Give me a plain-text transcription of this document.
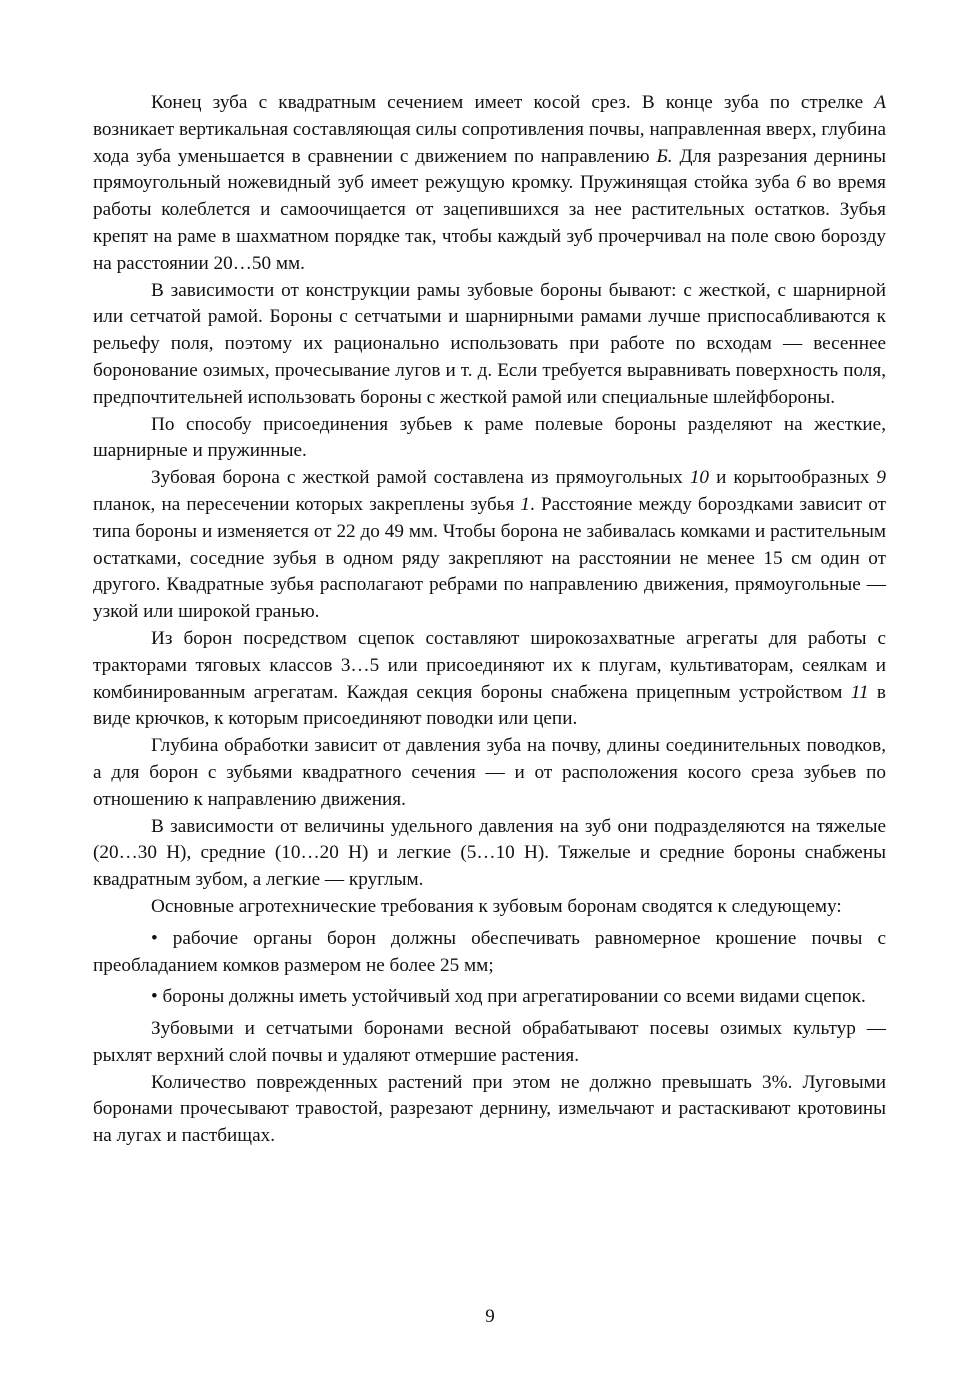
Конец зуба с квадратным сечением имеет косой срез. В конце зуба по стрелке А возникает вертикальная составляющая силы сопротивления почвы, направленная вверх, глубина хода зуба уменьшается в сравнении с движением по направлению Б. Для разрезания дернины прямоугольный ножевидный зуб имеет режущую кромку. Пружинящая стойка зуба 6 во время работы колеблется и самоочищается от зацепившихся за нее растительных остатков. Зубья крепят на раме в шахматном порядке так, чтобы каждый зуб прочерчивал на поле свою борозду на расстоянии 20…50 мм.

В зависимости от конструкции рамы зубовые бороны бывают: с жесткой, с шарнирной или сетчатой рамой. Бороны с сетчатыми и шарнирными рамами лучше приспосабливаются к рельефу поля, поэтому их рационально использовать при работе по всходам — весеннее боронование озимых, прочесывание лугов и т. д. Если требуется выравнивать поверхность поля, предпочтительней использовать бороны с жесткой рамой или специальные шлейфбороны.

По способу присоединения зубьев к раме полевые бороны разделяют на жесткие, шарнирные и пружинные.

Зубовая борона с жесткой рамой составлена из прямоугольных 10 и корытообразных 9 планок, на пересечении которых закреплены зубья 1. Расстояние между бороздками зависит от типа бороны и изменяется от 22 до 49 мм. Чтобы борона не забивалась комками и растительным остатками, соседние зубья в одном ряду закрепляют на расстоянии не менее 15 см один от другого. Квадратные зубья располагают ребрами по направлению движения, прямоугольные — узкой или широкой гранью.

Из борон посредством сцепок составляют широкозахватные агрегаты для работы с тракторами тяговых классов 3…5 или присоединяют их к плугам, культиваторам, сеялкам и комбинированным агрегатам. Каждая секция бороны снабжена прицепным устройством 11 в виде крючков, к которым присоединяют поводки или цепи.

Глубина обработки зависит от давления зуба на почву, длины соединительных поводков, а для борон с зубьями квадратного сечения — и от расположения косого среза зубьев по отношению к направлению движения.

В зависимости от величины удельного давления на зуб они подразделяются на тяжелые (20…30 Н), средние (10…20 Н) и легкие (5…10 Н). Тяжелые и средние бороны снабжены квадратным зубом, а легкие — круглым.

Основные агротехнические требования к зубовым боронам сводятся к следующему:

• рабочие органы борон должны обеспечивать равномерное крошение почвы с преобладанием комков размером не более 25 мм;

• бороны должны иметь устойчивый ход при агрегатировании со всеми видами сцепок.

Зубовыми и сетчатыми боронами весной обрабатывают посевы озимых культур — рыхлят верхний слой почвы и удаляют отмершие растения.

Количество поврежденных растений при этом не должно превышать 3%. Луговыми боронами прочесывают травостой, разрезают дернину, измельчают и растаскивают кротовины на лугах и пастбищах.

9
